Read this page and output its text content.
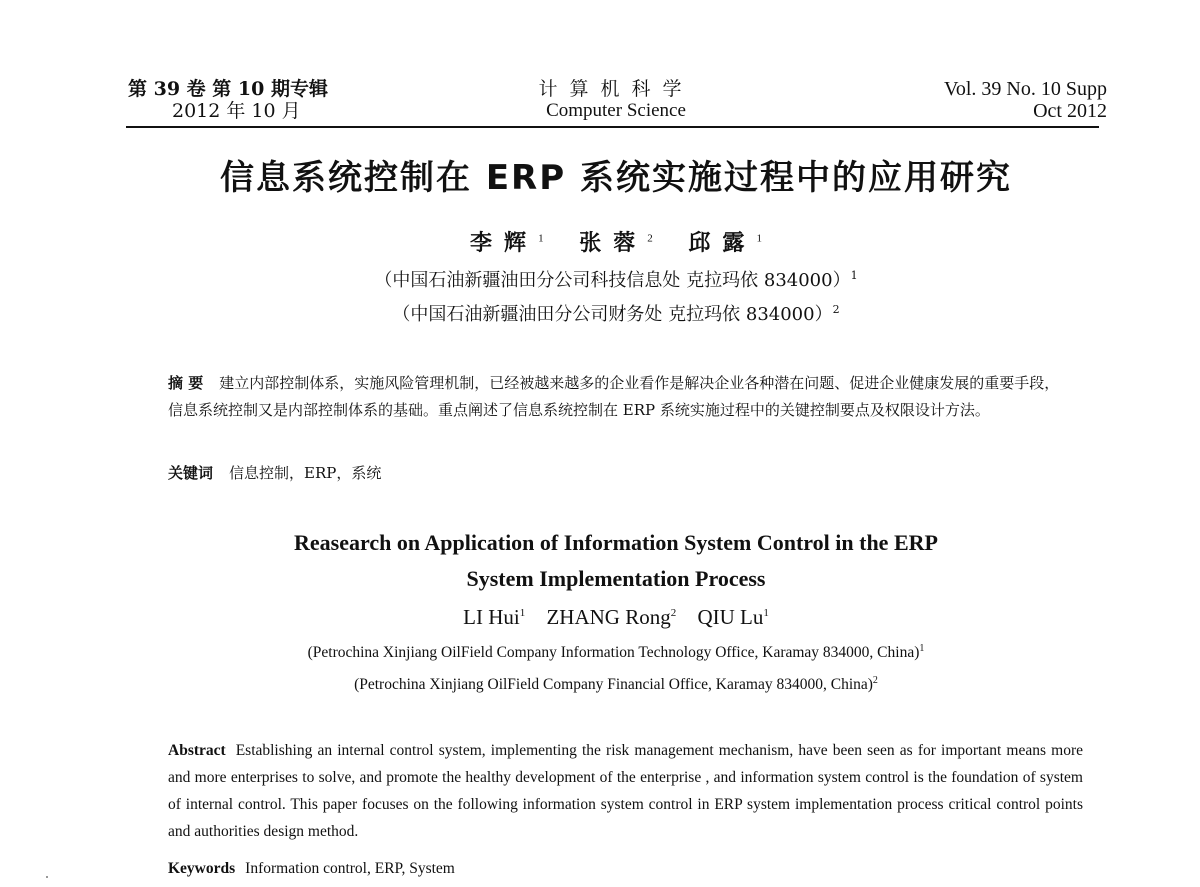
第 39 卷 第 10 期专辑
2012 年 10 月
计算机科学
Computer Science
Vol. 39 No. 10 Supp
Oct 2012
信息系统控制在 ERP 系统实施过程中的应用研究
李辉$^1$ 张蓉$^2$ 邱露$^1$
（中国石油新疆油田分公司科技信息处 克拉玛依 834000）$^1$
（中国石油新疆油田分公司财务处 克拉玛依 834000）$^2$
摘 要 建立内部控制体系，实施风险管理机制，已经被越来越多的企业看作是解决企业各种潜在问题、促进企业健康发展的重要手段，信息系统控制又是内部控制体系的基础。重点阐述了信息系统控制在 ERP 系统实施过程中的关键控制要点及权限设计方法。
关键词 信息控制，ERP，系统
Reasearch on Application of Information System Control in the ERP
System Implementation Process
LI Hui$^1$ ZHANG Rong$^2$ QIU Lu$^1$
(Petrochina Xinjiang OilField Company Information Technology Office, Karamay 834000, China)$^1$
(Petrochina Xinjiang OilField Company Financial Office, Karamay 834000, China)$^2$
Abstract Establishing an internal control system, implementing the risk management mechanism, have been seen as for important means more and more enterprises to solve, and promote the healthy development of the enterprise , and information system control is the foundation of system of internal control. This paper focuses on the following information system control in ERP system implementation process critical control points and authorities design method.
Keywords Information control, ERP, System
